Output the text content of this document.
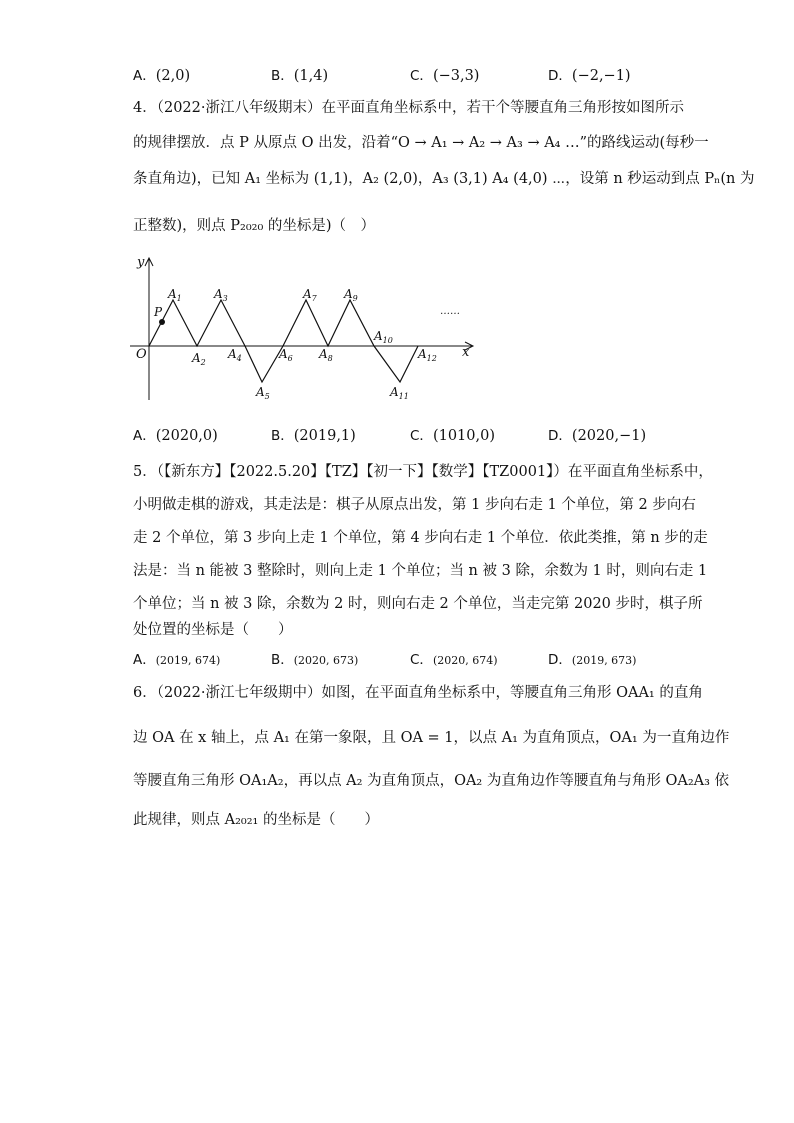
A．(2,0)	B．(1,4)	C．(−3,3)	D．(−2,−1)
4．（2022·浙江八年级期末）在平面直角坐标系中，若干个等腰直角三角形按如图所示
的规律摆放．点 P 从原点 O 出发，沿着“O → A₁ → A₂ → A₃ → A₄ …”的路线运动(每秒一
条直角边)，已知 A₁ 坐标为 (1,1)，A₂ (2,0)，A₃ (3,1) A₄ (4,0) ⋯，设第 n 秒运动到点 Pₙ(n 为
正整数)，则点 P₂₀₂₀ 的坐标是)（　）
P
x
y
O
……
$A_1$
$A_2$
$A_3$
$A_4$
$A_5$
$A_6$
$A_7$
$A_8$
$A_9$
$A_{10}$
$A_{11}$
$A_{12}$
A．(2020,0)	B．(2019,1)	C．(1010,0)	D．(2020,−1)
5．（【新东方】【2022.5.20】【TZ】【初一下】【数学】【TZ0001】）在平面直角坐标系中，
小明做走棋的游戏，其走法是：棋子从原点出发，第 1 步向右走 1 个单位，第 2 步向右
走 2 个单位，第 3 步向上走 1 个单位，第 4 步向右走 1 个单位．依此类推，第 n 步的走
法是：当 n 能被 3 整除时，则向上走 1 个单位；当 n 被 3 除，余数为 1 时，则向右走 1
个单位；当 n 被 3 除，余数为 2 时，则向右走 2 个单位，当走完第 2020 步时，棋子所
处位置的坐标是（　　）
A．(2019, 674)	B．(2020, 673)	C．(2020, 674)	D．(2019, 673)
6．（2022·浙江七年级期中）如图，在平面直角坐标系中，等腰直角三角形 OAA₁ 的直角
边 OA 在 x 轴上，点 A₁ 在第一象限，且 OA = 1，以点 A₁ 为直角顶点，OA₁ 为一直角边作
等腰直角三角形 OA₁A₂，再以点 A₂ 为直角顶点，OA₂ 为直角边作等腰直角与角形 OA₂A₃ 依
此规律，则点 A₂₀₂₁ 的坐标是（　　）
